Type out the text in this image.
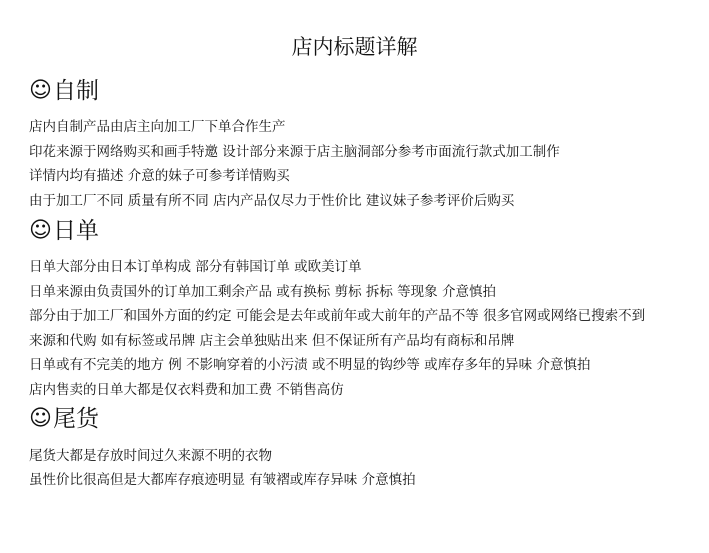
店内标题详解
☺ 自制

店内自制产品由店主向加工厂下单合作生产

印花来源于网络购买和画手特邀 设计部分来源于店主脑洞部分参考市面流行款式加工制作

详情内均有描述 介意的妹子可参考详情购买

由于加工厂不同 质量有所不同 店内产品仅尽力于性价比 建议妹子参考评价后购买

☺ 日单

日单大部分由日本订单构成 部分有韩国订单 或欧美订单

日单来源由负责国外的订单加工剩余产品 或有换标 剪标 拆标 等现象 介意慎拍

部分由于加工厂和国外方面的约定 可能会是去年或前年或大前年的产品不等 很多官网或网络已搜索不到

来源和代购 如有标签或吊牌 店主会单独贴出来 但不保证所有产品均有商标和吊牌

日单或有不完美的地方 例 不影响穿着的小污渍 或不明显的钩纱等 或库存多年的异味 介意慎拍

店内售卖的日单大都是仅衣料费和加工费 不销售高仿

☺ 尾货

尾货大都是存放时间过久来源不明的衣物

虽性价比很高但是大都库存痕迹明显 有皱褶或库存异味 介意慎拍
